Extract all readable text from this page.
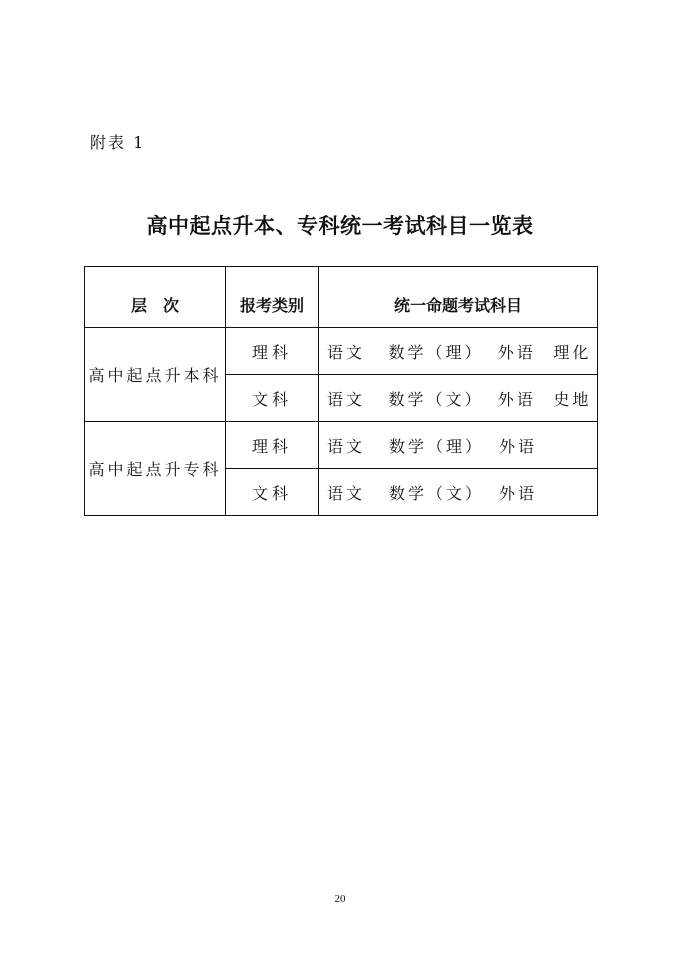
附表 1
高中起点升本、专科统一考试科目一览表
层　次	报考类别	统一命题考试科目
高中起点升本科	理科	语文 数学（理） 外语 理化

	文科	语文 数学（文） 外语 史地

高中起点升专科	理科	语文 数学（理） 外语

	文科	语文 数学（文） 外语
20
